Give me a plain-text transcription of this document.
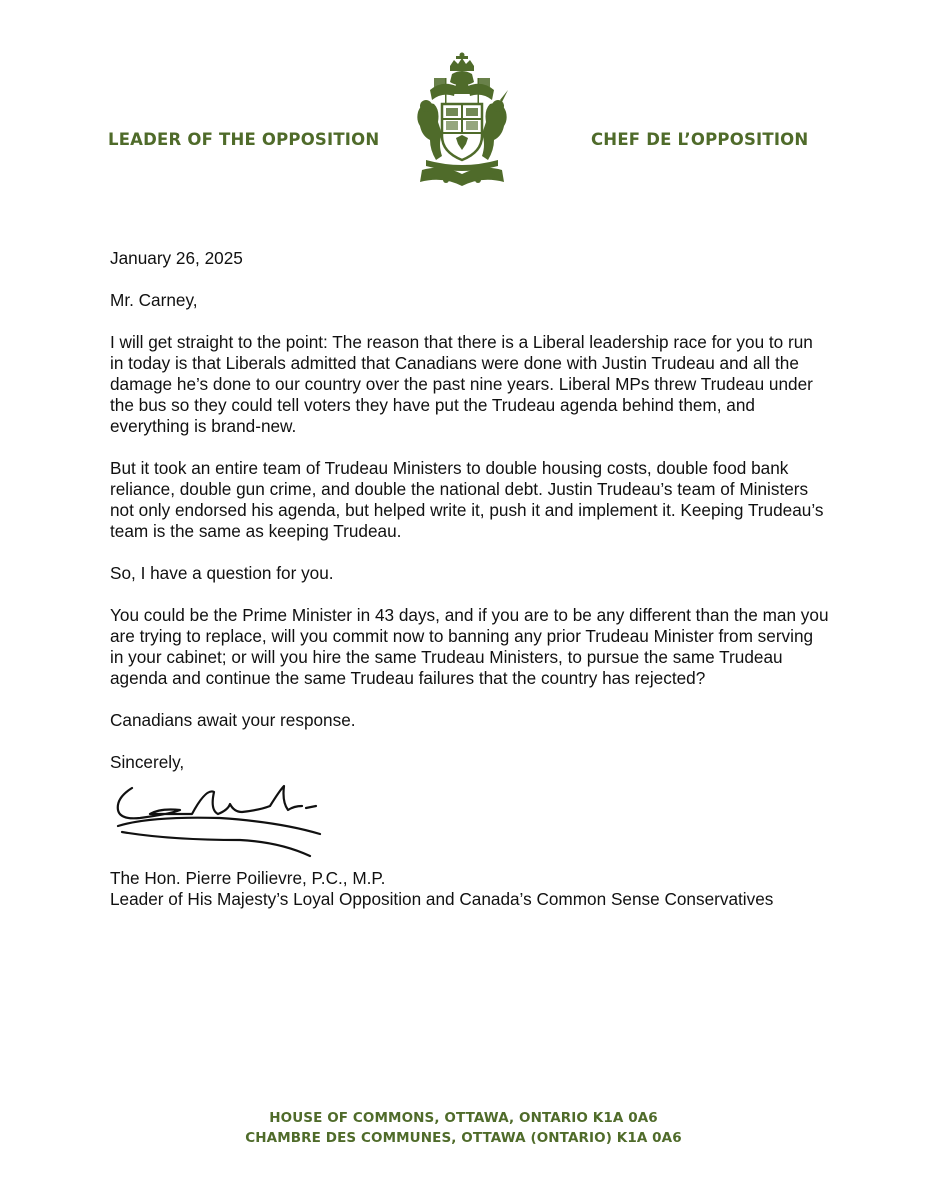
LEADER OF THE OPPOSITION	CHEF DE L’OPPOSITION

January 26, 2025

Mr. Carney,

I will get straight to the point: The reason that there is a Liberal leadership race for you to run in today is that Liberals admitted that Canadians were done with Justin Trudeau and all the damage he’s done to our country over the past nine years. Liberal MPs threw Trudeau under the bus so they could tell voters they have put the Trudeau agenda behind them, and everything is brand-new.

But it took an entire team of Trudeau Ministers to double housing costs, double food bank reliance, double gun crime, and double the national debt. Justin Trudeau’s team of Ministers not only endorsed his agenda, but helped write it, push it and implement it. Keeping Trudeau’s team is the same as keeping Trudeau.

So, I have a question for you.

You could be the Prime Minister in 43 days, and if you are to be any different than the man you are trying to replace, will you commit now to banning any prior Trudeau Minister from serving in your cabinet; or will you hire the same Trudeau Ministers, to pursue the same Trudeau agenda and continue the same Trudeau failures that the country has rejected?

Canadians await your response.

Sincerely,

The Hon. Pierre Poilievre, P.C., M.P.
Leader of His Majesty’s Loyal Opposition and Canada’s Common Sense Conservatives
HOUSE OF COMMONS, OTTAWA, ONTARIO K1A 0A6
CHAMBRE DES COMMUNES, OTTAWA (ONTARIO) K1A 0A6
